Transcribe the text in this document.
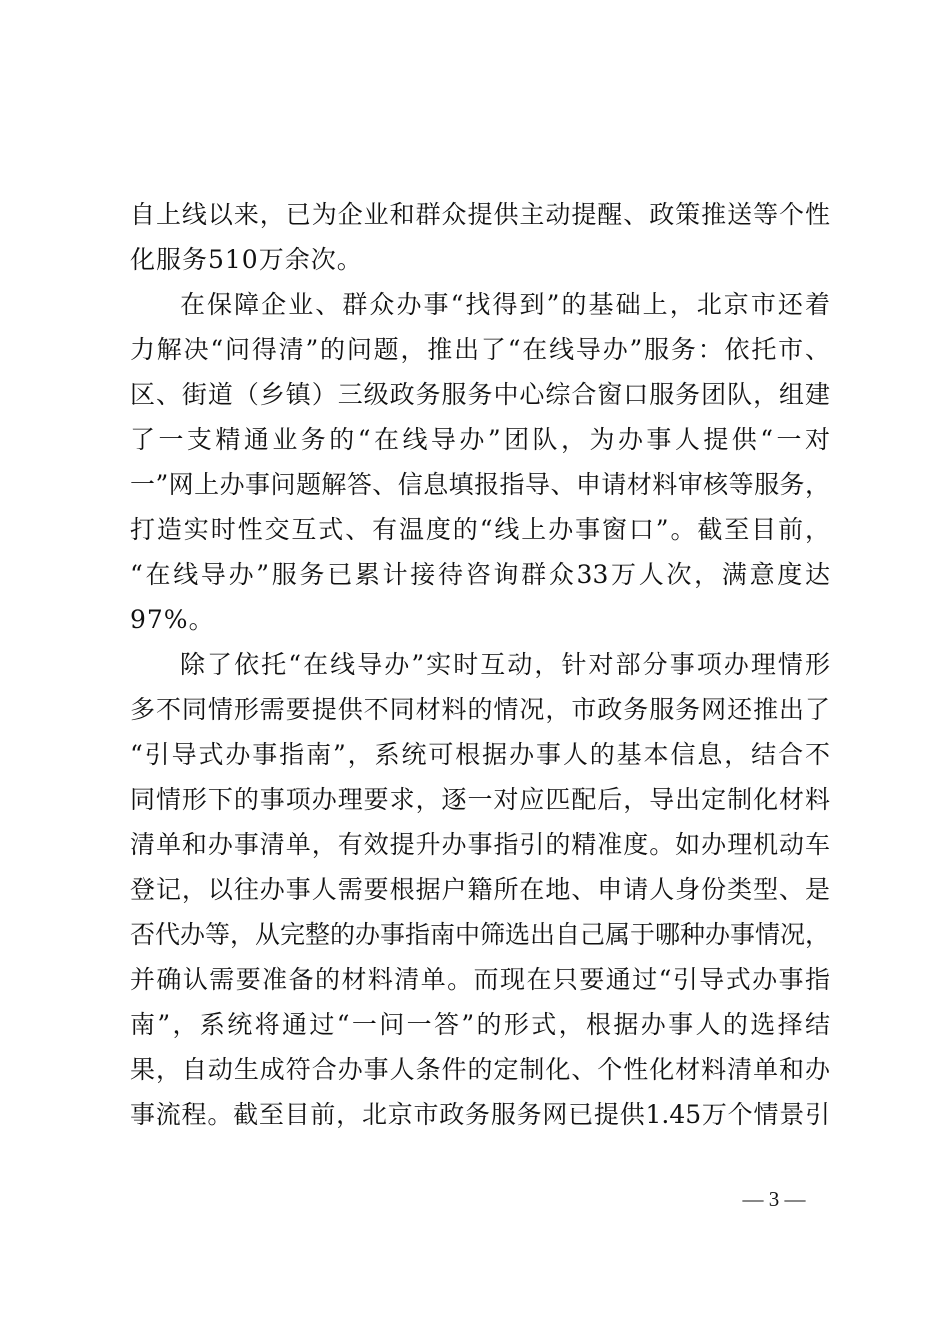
自上线以来，已为企业和群众提供主动提醒、政策推送等个性
化服务510万余次。
在保障企业、群众办事“找得到”的基础上，北京市还着
力解决“问得清”的问题，推出了“在线导办”服务：依托市、
区、街道（乡镇）三级政务服务中心综合窗口服务团队，组建
了一支精通业务的“在线导办”团队，为办事人提供“一对
一”网上办事问题解答、信息填报指导、申请材料审核等服务，
打造实时性交互式、有温度的“线上办事窗口”。截至目前，
“在线导办”服务已累计接待咨询群众33万人次，满意度达
97%。
除了依托“在线导办”实时互动，针对部分事项办理情形
多不同情形需要提供不同材料的情况，市政务服务网还推出了
“引导式办事指南”，系统可根据办事人的基本信息，结合不
同情形下的事项办理要求，逐一对应匹配后，导出定制化材料
清单和办事清单，有效提升办事指引的精准度。如办理机动车
登记，以往办事人需要根据户籍所在地、申请人身份类型、是
否代办等，从完整的办事指南中筛选出自己属于哪种办事情况，
并确认需要准备的材料清单。而现在只要通过“引导式办事指
南”，系统将通过“一问一答”的形式，根据办事人的选择结
果，自动生成符合办事人条件的定制化、个性化材料清单和办
事流程。截至目前，北京市政务服务网已提供1.45万个情景引
— 3 —
